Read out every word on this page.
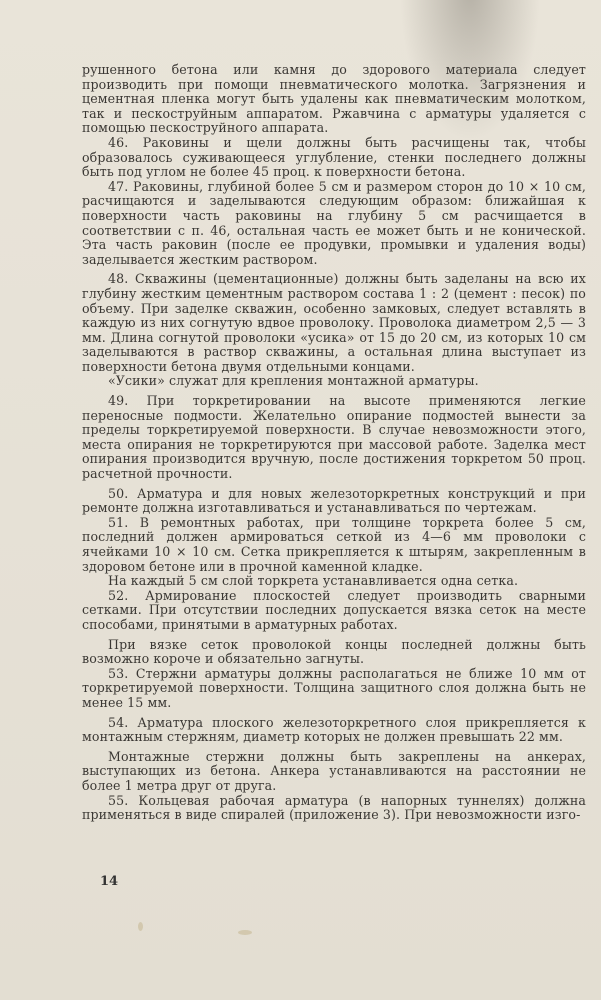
рушенного бетона или камня до здорового материала следует производить при помощи пневматического молотка. Загрязнения и цементная пленка могут быть удалены как пневматическим молотком, так и пескоструйным аппаратом. Ржавчина с арматуры удаляется с помощью пескоструйного аппарата.

46. Раковины и щели должны быть расчищены так, чтобы образовалось суживающееся углубление, стенки последнего должны быть под углом не более 45 проц. к поверхности бетона.

47. Раковины, глубиной более 5 см и размером сторон до 10 × 10 см, расчищаются и заделываются следующим образом: ближайшая к поверхности часть раковины на глубину 5 см расчищается в соответствии с п. 46, остальная часть ее может быть и не конической. Эта часть раковин (после ее продувки, промывки и удаления воды) заделывается жестким раствором.

48. Скважины (цементационные) должны быть заделаны на всю их глубину жестким цементным раствором состава 1 : 2 (цемент : песок) по объему. При заделке скважин, особенно замковых, следует вставлять в каждую из них согнутую вдвое проволоку. Проволока диаметром 2,5 — 3 мм. Длина согнутой проволоки «усика» от 15 до 20 см, из которых 10 см заделываются в раствор скважины, а остальная длина выступает из поверхности бетона двумя отдельными концами.

«Усики» служат для крепления монтажной арматуры.

49. При торкретировании на высоте применяются легкие переносные подмости. Желательно опирание подмостей вынести за пределы торкретируемой поверхности. В случае невозможности этого, места опирания не торкретируются при массовой работе. Заделка мест опирания производится вручную, после достижения торкретом 50 проц. расчетной прочности.

50. Арматура и для новых железоторкретных конструкций и при ремонте должна изготавливаться и устанавливаться по чертежам.

51. В ремонтных работах, при толщине торкрета более 5 см, последний должен армироваться сеткой из 4—6 мм проволоки с ячейками 10 × 10 см. Сетка прикрепляется к штырям, закрепленным в здоровом бетоне или в прочной каменной кладке.

На каждый 5 см слой торкрета устанавливается одна сетка.

52. Армирование плоскостей следует производить сварными сетками. При отсутствии последних допускается вязка сеток на месте способами, принятыми в арматурных работах.

При вязке сеток проволокой концы последней должны быть возможно короче и обязательно загнуты.

53. Стержни арматуры должны располагаться не ближе 10 мм от торкретируемой поверхности. Толщина защитного слоя должна быть не менее 15 мм.

54. Арматура плоского железоторкретного слоя прикрепляется к монтажным стержням, диаметр которых не должен превышать 22 мм.

Монтажные стержни должны быть закреплены на анкерах, выступающих из бетона. Анкера устанавливаются на расстоянии не более 1 метра друг от друга.

55. Кольцевая рабочая арматура (в напорных туннелях) должна применяться в виде спиралей (приложение 3). При невозможности изго-

14
